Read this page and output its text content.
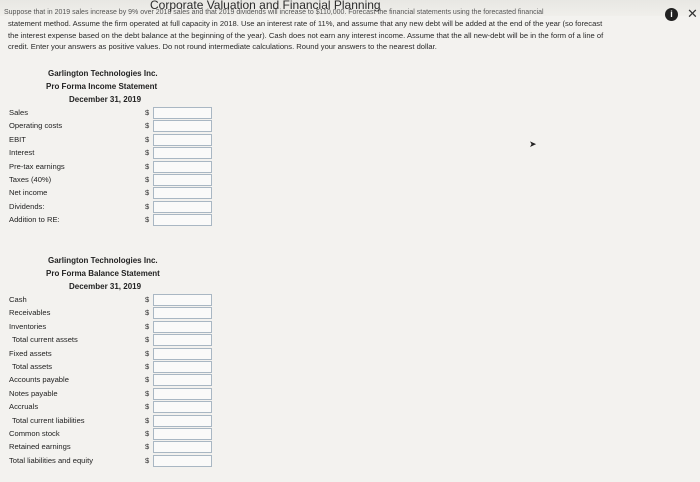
Suppose that in 2019 sales increase by 9% over 2018 sales and that 2019 dividends will increase to $110,000. Forecast the financial statements using the forecasted financial
Corporate Valuation and Financial Planning
i	✕

statement method. Assume the firm operated at full capacity in 2018. Use an interest rate of 11%, and assume that any new debt will be added at the end of the year (so forecast

the interest expense based on the debt balance at the beginning of the year). Cash does not earn any interest income. Assume that the all new-debt will be in the form of a line of

credit. Enter your answers as positive values. Do not round intermediate calculations. Round your answers to the nearest dollar.

Garlington Technologies Inc.
Pro Forma Income Statement
December 31, 2019
Sales	$
Operating costs	$
EBIT	$
Interest	$
Pre-tax earnings	$
Taxes (40%)	$
Net income	$
Dividends:	$
Addition to RE:	$
Garlington Technologies Inc.
Pro Forma Balance Statement
December 31, 2019
Cash	$
Receivables	$
Inventories	$
Total current assets	$
Fixed assets	$
Total assets	$
Accounts payable	$
Notes payable	$
Accruals	$
Total current liabilities	$
Common stock	$
Retained earnings	$
Total liabilities and equity	$
➤
